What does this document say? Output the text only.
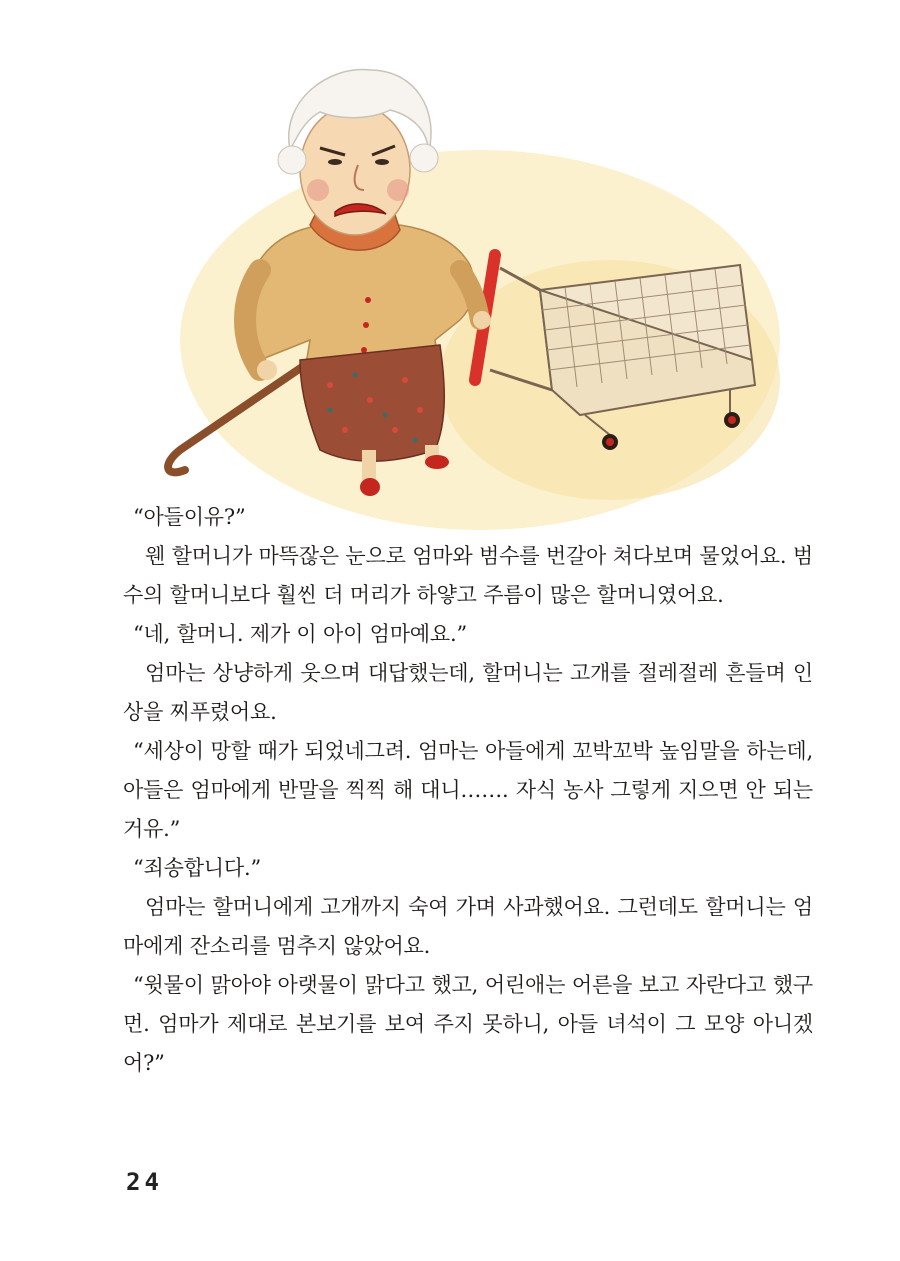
“아들이유?”

웬 할머니가 마뜩잖은 눈으로 엄마와 범수를 번갈아 쳐다보며 물었어요. 범수의 할머니보다 훨씬 더 머리가 하얗고 주름이 많은 할머니였어요.

“네, 할머니. 제가 이 아이 엄마예요.”

엄마는 상냥하게 웃으며 대답했는데, 할머니는 고개를 절레절레 흔들며 인상을 찌푸렸어요.

“세상이 망할 때가 되었네그려. 엄마는 아들에게 꼬박꼬박 높임말을 하는데, 아들은 엄마에게 반말을 찍찍 해 대니……. 자식 농사 그렇게 지으면 안 되는 거유.”

“죄송합니다.”

엄마는 할머니에게 고개까지 숙여 가며 사과했어요. 그런데도 할머니는 엄마에게 잔소리를 멈추지 않았어요.

“윗물이 맑아야 아랫물이 맑다고 했고, 어린애는 어른을 보고 자란다고 했구먼. 엄마가 제대로 본보기를 보여 주지 못하니, 아들 녀석이 그 모양 아니겠어?”

24
